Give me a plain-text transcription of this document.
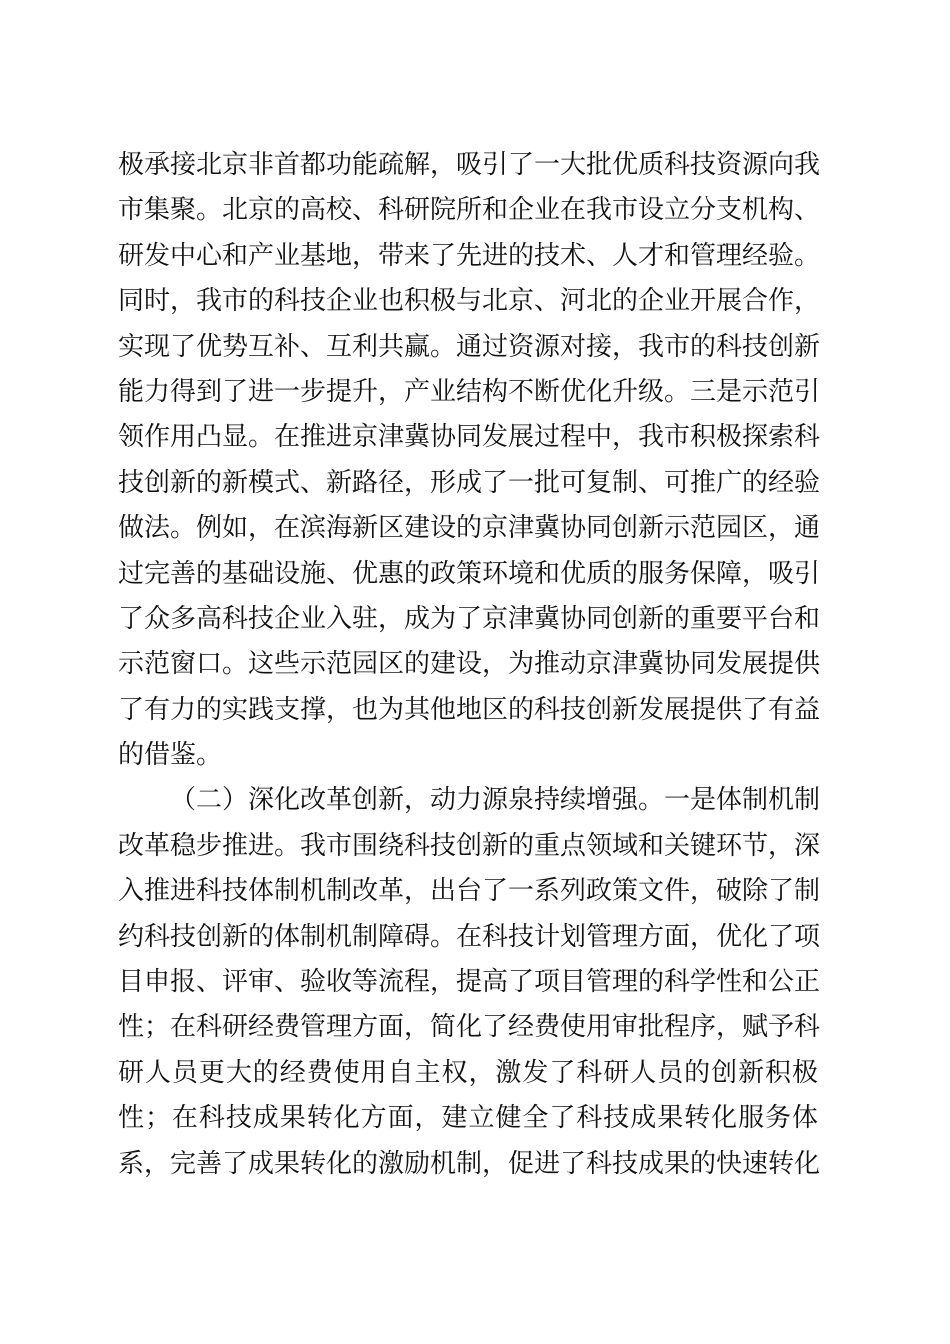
极承接北京非首都功能疏解，吸引了一大批优质科技资源向我
市集聚。北京的高校、科研院所和企业在我市设立分支机构、
研发中心和产业基地，带来了先进的技术、人才和管理经验。
同时，我市的科技企业也积极与北京、河北的企业开展合作，
实现了优势互补、互利共赢。通过资源对接，我市的科技创新
能力得到了进一步提升，产业结构不断优化升级。三是示范引
领作用凸显。在推进京津冀协同发展过程中，我市积极探索科
技创新的新模式、新路径，形成了一批可复制、可推广的经验
做法。例如，在滨海新区建设的京津冀协同创新示范园区，通
过完善的基础设施、优惠的政策环境和优质的服务保障，吸引
了众多高科技企业入驻，成为了京津冀协同创新的重要平台和
示范窗口。这些示范园区的建设，为推动京津冀协同发展提供
了有力的实践支撑，也为其他地区的科技创新发展提供了有益
的借鉴。
（二）深化改革创新，动力源泉持续增强。一是体制机制
改革稳步推进。我市围绕科技创新的重点领域和关键环节，深
入推进科技体制机制改革，出台了一系列政策文件，破除了制
约科技创新的体制机制障碍。在科技计划管理方面，优化了项
目申报、评审、验收等流程，提高了项目管理的科学性和公正
性；在科研经费管理方面，简化了经费使用审批程序，赋予科
研人员更大的经费使用自主权，激发了科研人员的创新积极
性；在科技成果转化方面，建立健全了科技成果转化服务体
系，完善了成果转化的激励机制，促进了科技成果的快速转化
